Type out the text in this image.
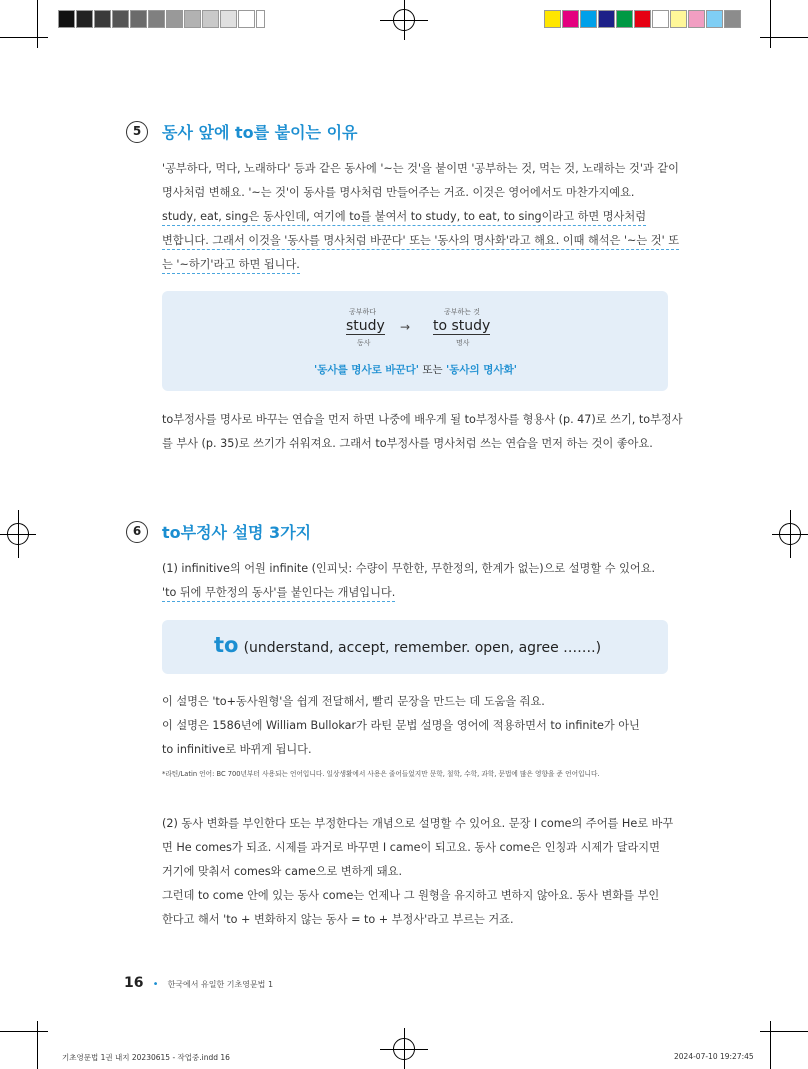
5	동사 앞에 to를 붙이는 이유
'공부하다, 먹다, 노래하다' 등과 같은 동사에 '~는 것'을 붙이면 '공부하는 것, 먹는 것, 노래하는 것'과 같이
명사처럼 변해요. '~는 것'이 동사를 명사처럼 만들어주는 거죠. 이것은 영어에서도 마찬가지예요.
study, eat, sing은 동사인데, 여기에 to를 붙여서 to study, to eat, to sing이라고 하면 명사처럼
변합니다. 그래서 이것을 '동사를 명사처럼 바꾼다' 또는 '동사의 명사화'라고 해요. 이때 해석은 '~는 것' 또
는 '~하기'라고 하면 됩니다.
공부하다
study
동사
→
공부하는 것
to study
명사
'동사를 명사로 바꾼다' 또는 '동사의 명사화'
to부정사를 명사로 바꾸는 연습을 먼저 하면 나중에 배우게 될 to부정사를 형용사 (p. 47)로 쓰기, to부정사
를 부사 (p. 35)로 쓰기가 쉬워져요. 그래서 to부정사를 명사처럼 쓰는 연습을 먼저 하는 것이 좋아요.
6	to부정사 설명 3가지
(1) infinitive의 어원 infinite (인피닛: 수량이 무한한, 무한정의, 한계가 없는)으로 설명할 수 있어요.
'to 뒤에 무한정의 동사'를 붙인다는 개념입니다.
to (understand, accept, remember. open, agree …….)
이 설명은 'to+동사원형'을 쉽게 전달해서, 빨리 문장을 만드는 데 도움을 줘요.
이 설명은 1586년에 William Bullokar가 라틴 문법 설명을 영어에 적용하면서 to infinite가 아닌
to infinitive로 바뀌게 됩니다.
*라틴/Latin 언어: BC 700년부터 사용되는 언어입니다. 일상생활에서 사용은 줄어들었지만 문학, 철학, 수학, 과학, 문법에 많은 영향을 준 언어입니다.
(2) 동사 변화를 부인한다 또는 부정한다는 개념으로 설명할 수 있어요. 문장 I come의 주어를 He로 바꾸
면 He comes가 되죠. 시제를 과거로 바꾸면 I came이 되고요. 동사 come은 인칭과 시제가 달라지면
거기에 맞춰서 comes와 came으로 변하게 돼요.
그런데 to come 안에 있는 동사 come는 언제나 그 원형을 유지하고 변하지 않아요. 동사 변화를 부인
한다고 해서 'to + 변화하지 않는 동사 = to + 부정사'라고 부르는 거죠.
16 • 한국에서 유일한 기초영문법 1
기초영문법 1권 내지 20230615 - 작업중.indd 16	2024-07-10 19:27:45
